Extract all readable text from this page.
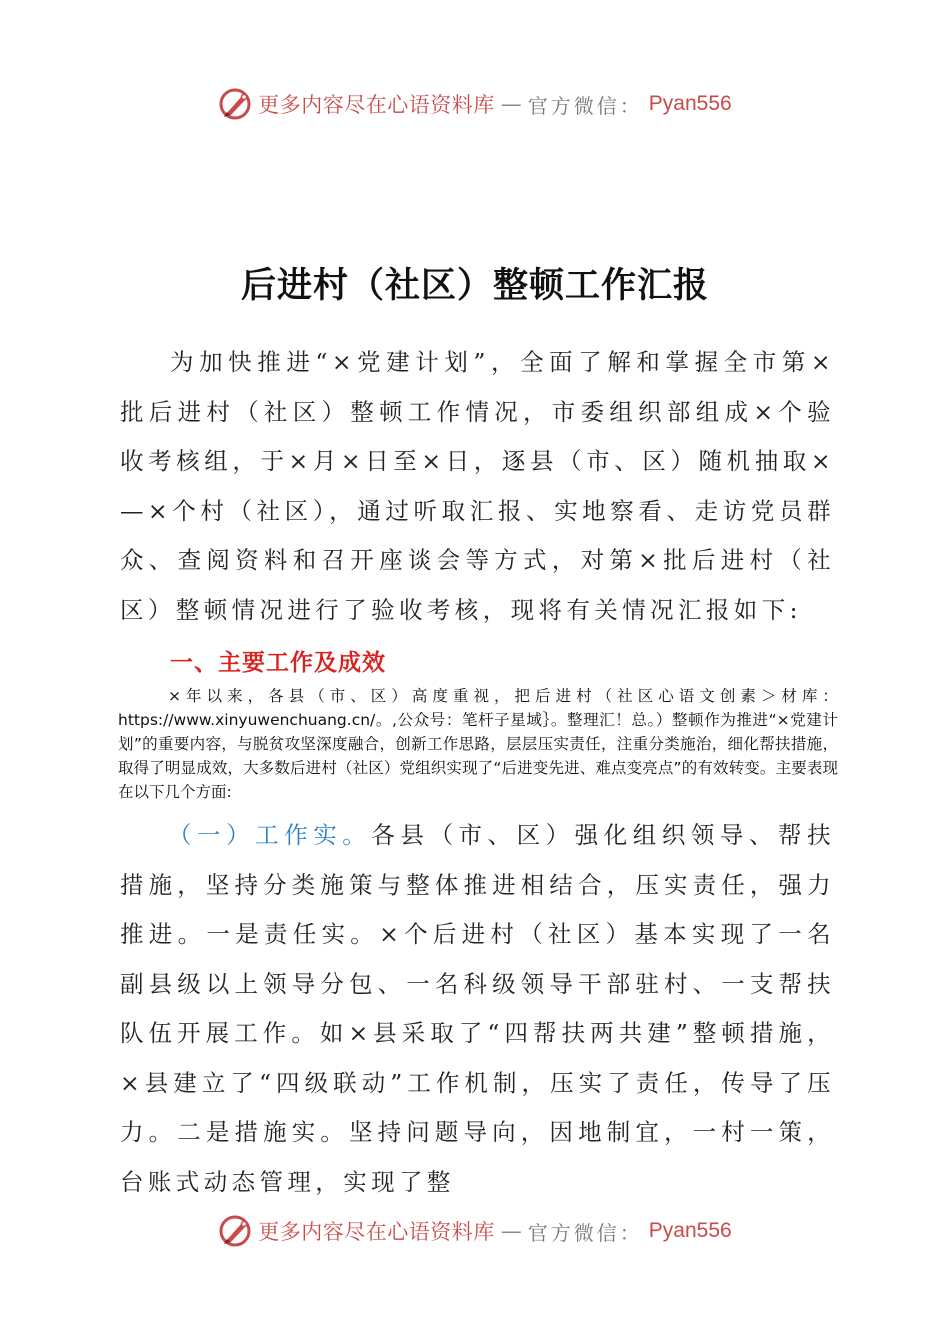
更多内容尽在心语资料库 — 官方微信： Pyan556
后进村（社区）整顿工作汇报

为加快推进“×党建计划”，全面了解和掌握全市第×批后进村（社区）整顿工作情况，市委组织部组成×个验收考核组，于×月×日至×日，逐县（市、区）随机抽取×—×个村（社区），通过听取汇报、实地察看、走访党员群众、查阅资料和召开座谈会等方式，对第×批后进村（社区）整顿情况进行了验收考核，现将有关情况汇报如下:

一、主要工作及成效

×年以来，各县（市、区）高度重视，把后进村（社区心语文创素＞材库：https://www.xinyuwenchuang.cn/。,公众号：笔杆子星域｝。整理汇！总。）整顿作为推进“×党建计划”的重要内容，与脱贫攻坚深度融合，创新工作思路，层层压实责任，注重分类施治，细化帮扶措施，取得了明显成效，大多数后进村（社区）党组织实现了“后进变先进、难点变亮点”的有效转变。主要表现在以下几个方面:

（一）工作实。各县（市、区）强化组织领导、帮扶措施，坚持分类施策与整体推进相结合，压实责任，强力推进。一是责任实。×个后进村（社区）基本实现了一名副县级以上领导分包、一名科级领导干部驻村、一支帮扶队伍开展工作。如×县采取了“四帮扶两共建”整顿措施，×县建立了“四级联动”工作机制，压实了责任，传导了压力。二是措施实。坚持问题导向，因地制宜，一村一策，台账式动态管理，实现了整

更多内容尽在心语资料库 — 官方微信： Pyan556
